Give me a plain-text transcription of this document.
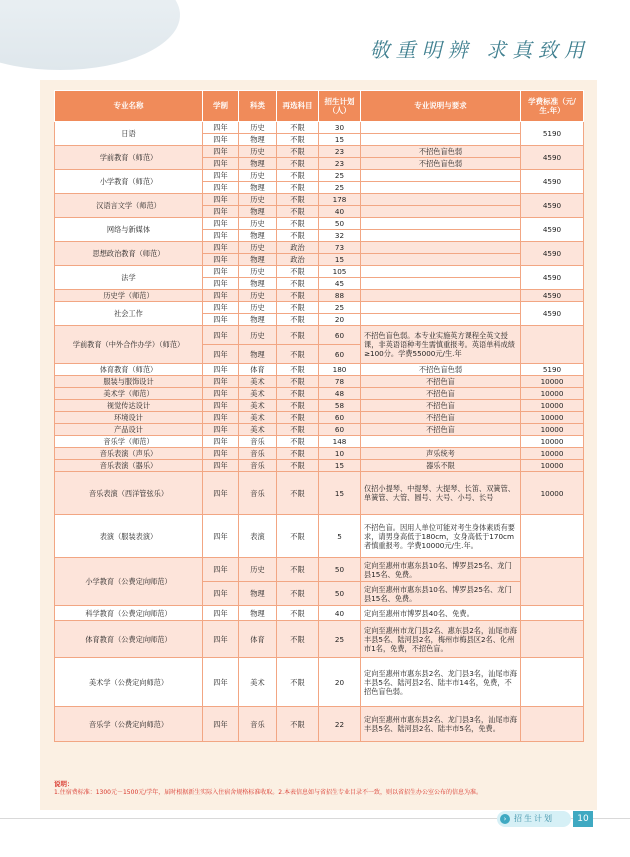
敬重明辨 求真致用
专业名称	学制	科类	再选科目	招生计划（人）	专业说明与要求	学费标准（元/生.年）
日语	四年	历史	不限	30		5190
	四年	物理	不限	15		
学前教育（师范）	四年	历史	不限	23	不招色盲色弱	4590
	四年	物理	不限	23	不招色盲色弱	
小学教育（师范）	四年	历史	不限	25		4590
	四年	物理	不限	25		
汉语言文学（师范）	四年	历史	不限	178		4590
	四年	物理	不限	40		
网络与新媒体	四年	历史	不限	50		4590
	四年	物理	不限	32		
思想政治教育（师范）	四年	历史	政治	73		4590
	四年	物理	政治	15		
法学	四年	历史	不限	105		4590
	四年	物理	不限	45		
历史学（师范）	四年	历史	不限	88		4590
社会工作	四年	历史	不限	25		4590
	四年	物理	不限	20		
学前教育（中外合作办学）（师范）	四年	历史	不限	60	不招色盲色弱。本专业实施英方课程全英文授课，非英语语种考生需慎重报考。英语单科成绩≥100分。学费55000元/生.年	
	四年	物理	不限	60		
体育教育（师范）	四年	体育	不限	180	不招色盲色弱	5190
服装与服饰设计	四年	美术	不限	78	不招色盲	10000
美术学（师范）	四年	美术	不限	48	不招色盲	10000
视觉传达设计	四年	美术	不限	58	不招色盲	10000
环境设计	四年	美术	不限	60	不招色盲	10000
产品设计	四年	美术	不限	60	不招色盲	10000
音乐学（师范）	四年	音乐	不限	148		10000
音乐表演（声乐）	四年	音乐	不限	10	声乐统考	10000
音乐表演（器乐）	四年	音乐	不限	15	器乐不限	10000
音乐表演（西洋管弦乐）	四年	音乐	不限	15	仅招小提琴、中提琴、大提琴、长笛、双簧管、单簧管、大管、圆号、大号、小号、长号	10000
表演（服装表演）	四年	表演	不限	5	不招色盲。因用人单位可能对考生身体素质有要求，请男身高低于180cm，女身高低于170cm者慎重报考。学费10000元/生.年。	
小学教育（公费定向师范）	四年	历史	不限	50	定向至惠州市惠东县10名、博罗县25名、龙门县15名、免费。	
	四年	物理	不限	50	定向至惠州市惠东县10名、博罗县25名、龙门县15名、免费。	
科学教育（公费定向师范）	四年	物理	不限	40	定向至惠州市博罗县40名、免费。	
体育教育（公费定向师范）	四年	体育	不限	25	定向至惠州市龙门县2名、惠东县2名，汕尾市海丰县5名、陆河县2名，梅州市梅县区2名、化州市1名，免费，不招色盲。	
美术学（公费定向师范）	四年	美术	不限	20	定向至惠州市惠东县2名、龙门县3名，汕尾市海丰县5名、陆河县2名、陆丰市14名，免费，不招色盲色弱。	
音乐学（公费定向师范）	四年	音乐	不限	22	定向至惠州市惠东县2名、龙门县3名，汕尾市海丰县5名、陆河县2名、陆丰市5名，免费。	
说明：
1.住宿费标准：1300元－1500元/学年，届时根据新生实际入住宿舍规格标准收取。2.本表信息如与省招生专业目录不一致，则以省招生办公室公布的信息为准。
› 招生计划	10
